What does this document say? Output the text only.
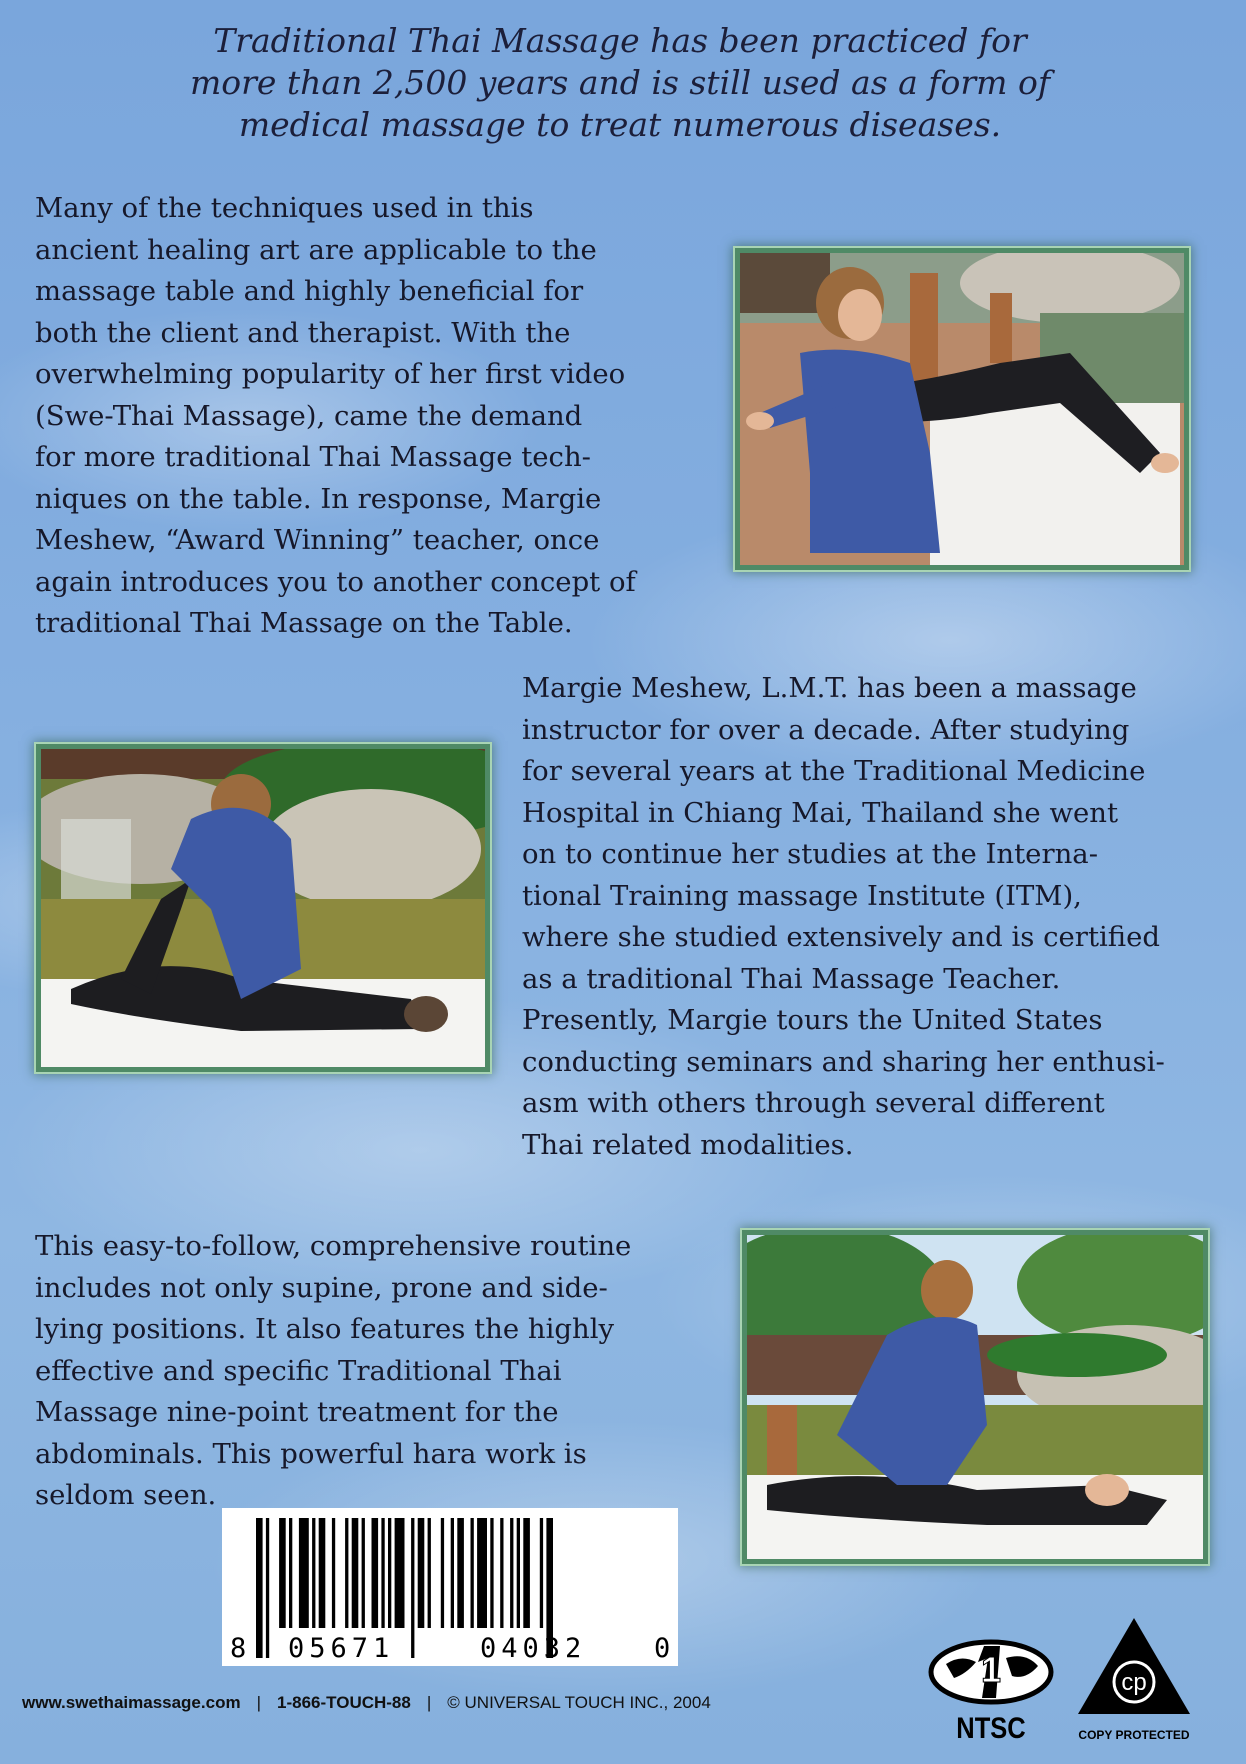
Traditional Thai Massage has been practiced for
more than 2,500 years and is still used as a form of
medical massage to treat numerous diseases.
Many of the techniques used in this
ancient healing art are applicable to the
massage table and highly beneficial for
both the client and therapist. With the
overwhelming popularity of her first video
(Swe-Thai Massage), came the demand
for more traditional Thai Massage tech-
niques on the table. In response, Margie
Meshew, “Award Winning” teacher, once
again introduces you to another concept of
traditional Thai Massage on the Table.
Margie Meshew, L.M.T. has been a massage
instructor for over a decade. After studying
for several years at the Traditional Medicine
Hospital in Chiang Mai, Thailand she went
on to continue her studies at the Interna-
tional Training massage Institute (ITM),
where she studied extensively and is certified
as a traditional Thai Massage Teacher.
Presently, Margie tours the United States
conducting seminars and sharing her enthusi-
asm with others through several different
Thai related modalities.
This easy-to-follow, comprehensive routine
includes not only supine, prone and side-
lying positions. It also features the highly
effective and specific Traditional Thai
Massage nine-point treatment for the
abdominals. This powerful hara work is
seldom seen.
8 05671	04032	0
www.swethaimassage.com | 1-866-TOUCH-88 | © UNIVERSAL TOUCH INC., 2004
1
NTSC
cp
COPY PROTECTED
